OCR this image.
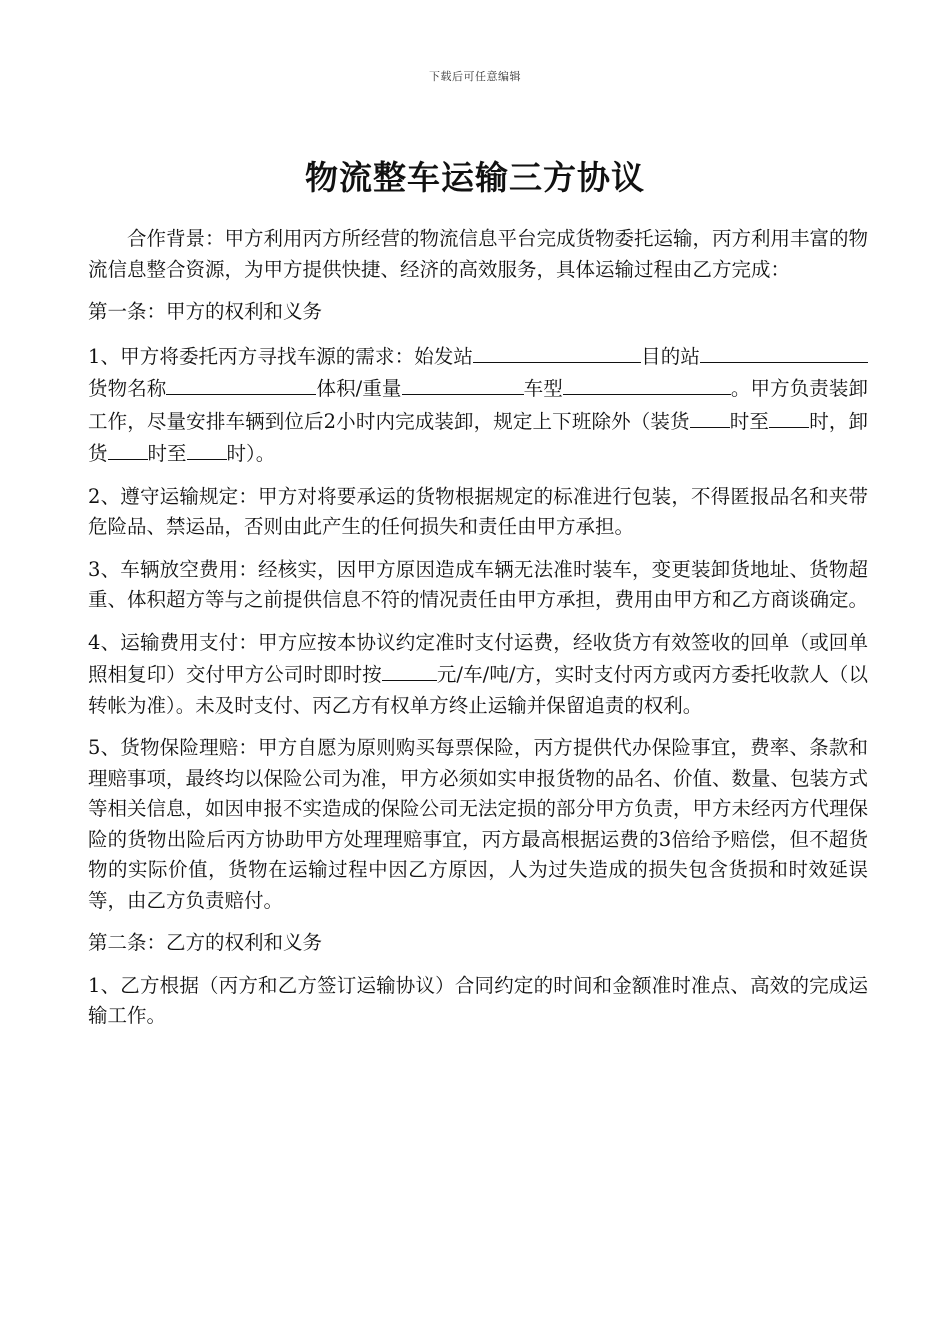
下载后可任意编辑
物流整车运输三方协议

合作背景：甲方利用丙方所经营的物流信息平台完成货物委托运输，丙方利用丰富的物流信息整合资源，为甲方提供快捷、经济的高效服务，具体运输过程由乙方完成：

第一条：甲方的权利和义务

1、甲方将委托丙方寻找车源的需求：始发站	目的站货物名称	体积/重量	车型	。甲方负责装卸工作，尽量安排车辆到位后2小时内完成装卸，规定上下班除外（装货 时至 时，卸货 时至 时）。

2、遵守运输规定：甲方对将要承运的货物根据规定的标准进行包装，不得匿报品名和夹带危险品、禁运品，否则由此产生的任何损失和责任由甲方承担。

3、车辆放空费用：经核实，因甲方原因造成车辆无法准时装车，变更装卸货地址、货物超重、体积超方等与之前提供信息不符的情况责任由甲方承担，费用由甲方和乙方商谈确定。

4、运输费用支付：甲方应按本协议约定准时支付运费，经收货方有效签收的回单（或回单照相复印）交付甲方公司时即时按	元/车/吨/方，实时支付丙方或丙方委托收款人（以转帐为准）。未及时支付、丙乙方有权单方终止运输并保留追责的权利。

5、货物保险理赔：甲方自愿为原则购买每票保险，丙方提供代办保险事宜，费率、条款和理赔事项，最终均以保险公司为准，甲方必须如实申报货物的品名、价值、数量、包装方式等相关信息，如因申报不实造成的保险公司无法定损的部分甲方负责，甲方未经丙方代理保险的货物出险后丙方协助甲方处理理赔事宜，丙方最高根据运费的3倍给予赔偿，但不超货物的实际价值，货物在运输过程中因乙方原因，人为过失造成的损失包含货损和时效延误等，由乙方负责赔付。

第二条：乙方的权利和义务

1、乙方根据（丙方和乙方签订运输协议）合同约定的时间和金额准时准点、高效的完成运输工作。
